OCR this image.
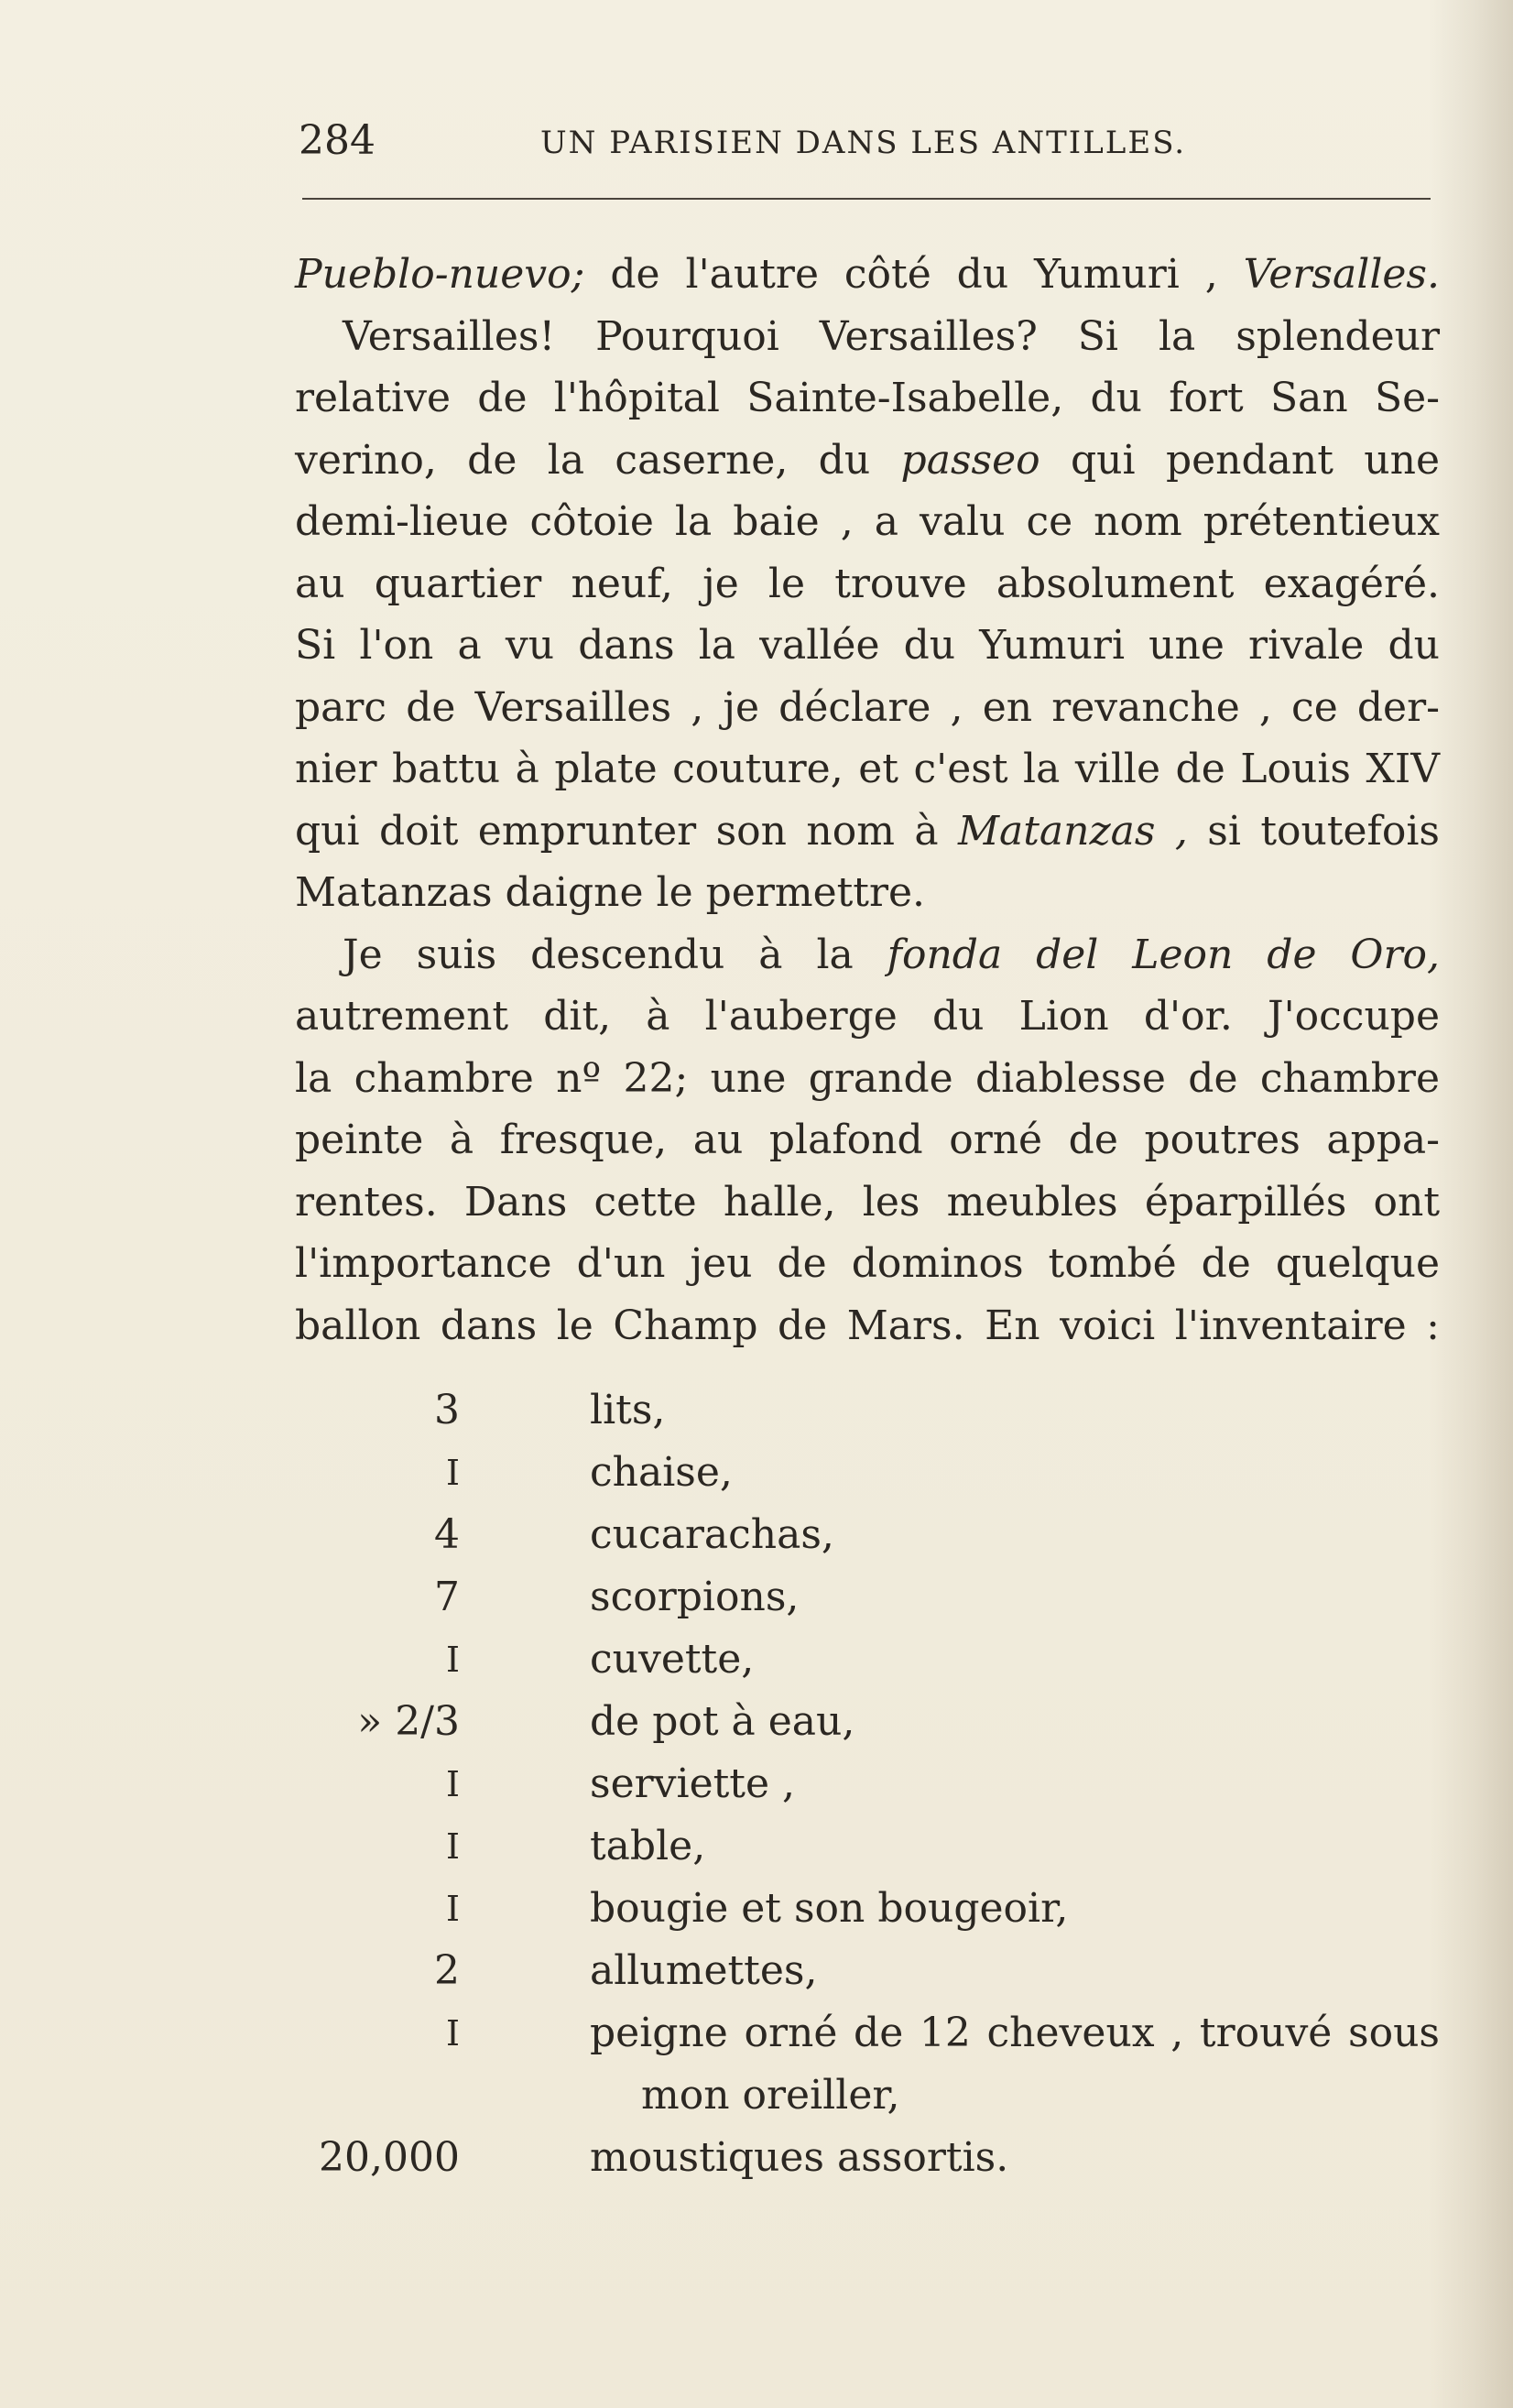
284	UN PARISIEN DANS LES ANTILLES.
Pueblo-nuevo; de l'autre côté du Yumuri , Versalles.
Versailles! Pourquoi Versailles? Si la splendeur
relative de l'hôpital Sainte-Isabelle, du fort San Se-
verino, de la caserne, du passeo qui pendant une
demi-lieue côtoie la baie , a valu ce nom prétentieux
au quartier neuf, je le trouve absolument exagéré.
Si l'on a vu dans la vallée du Yumuri une rivale du
parc de Versailles , je déclare , en revanche , ce der-
nier battu à plate couture, et c'est la ville de Louis XIV
qui doit emprunter son nom à Matanzas , si toutefois
Matanzas daigne le permettre.
Je suis descendu à la fonda del Leon de Oro,
autrement dit, à l'auberge du Lion d'or. J'occupe
la chambre nº 22; une grande diablesse de chambre
peinte à fresque, au plafond orné de poutres appa-
rentes. Dans cette halle, les meubles éparpillés ont
l'importance d'un jeu de dominos tombé de quelque
ballon dans le Champ de Mars. En voici l'inventaire :
3	lits,
I	chaise,
4	cucarachas,
7	scorpions,
I	cuvette,
» 2/3	de pot à eau,
I	serviette ,
I	table,
I	bougie et son bougeoir,
2	allumettes,
I	peigne orné de 12 cheveux , trouvé sous
mon oreiller,
20,000	moustiques assortis.
